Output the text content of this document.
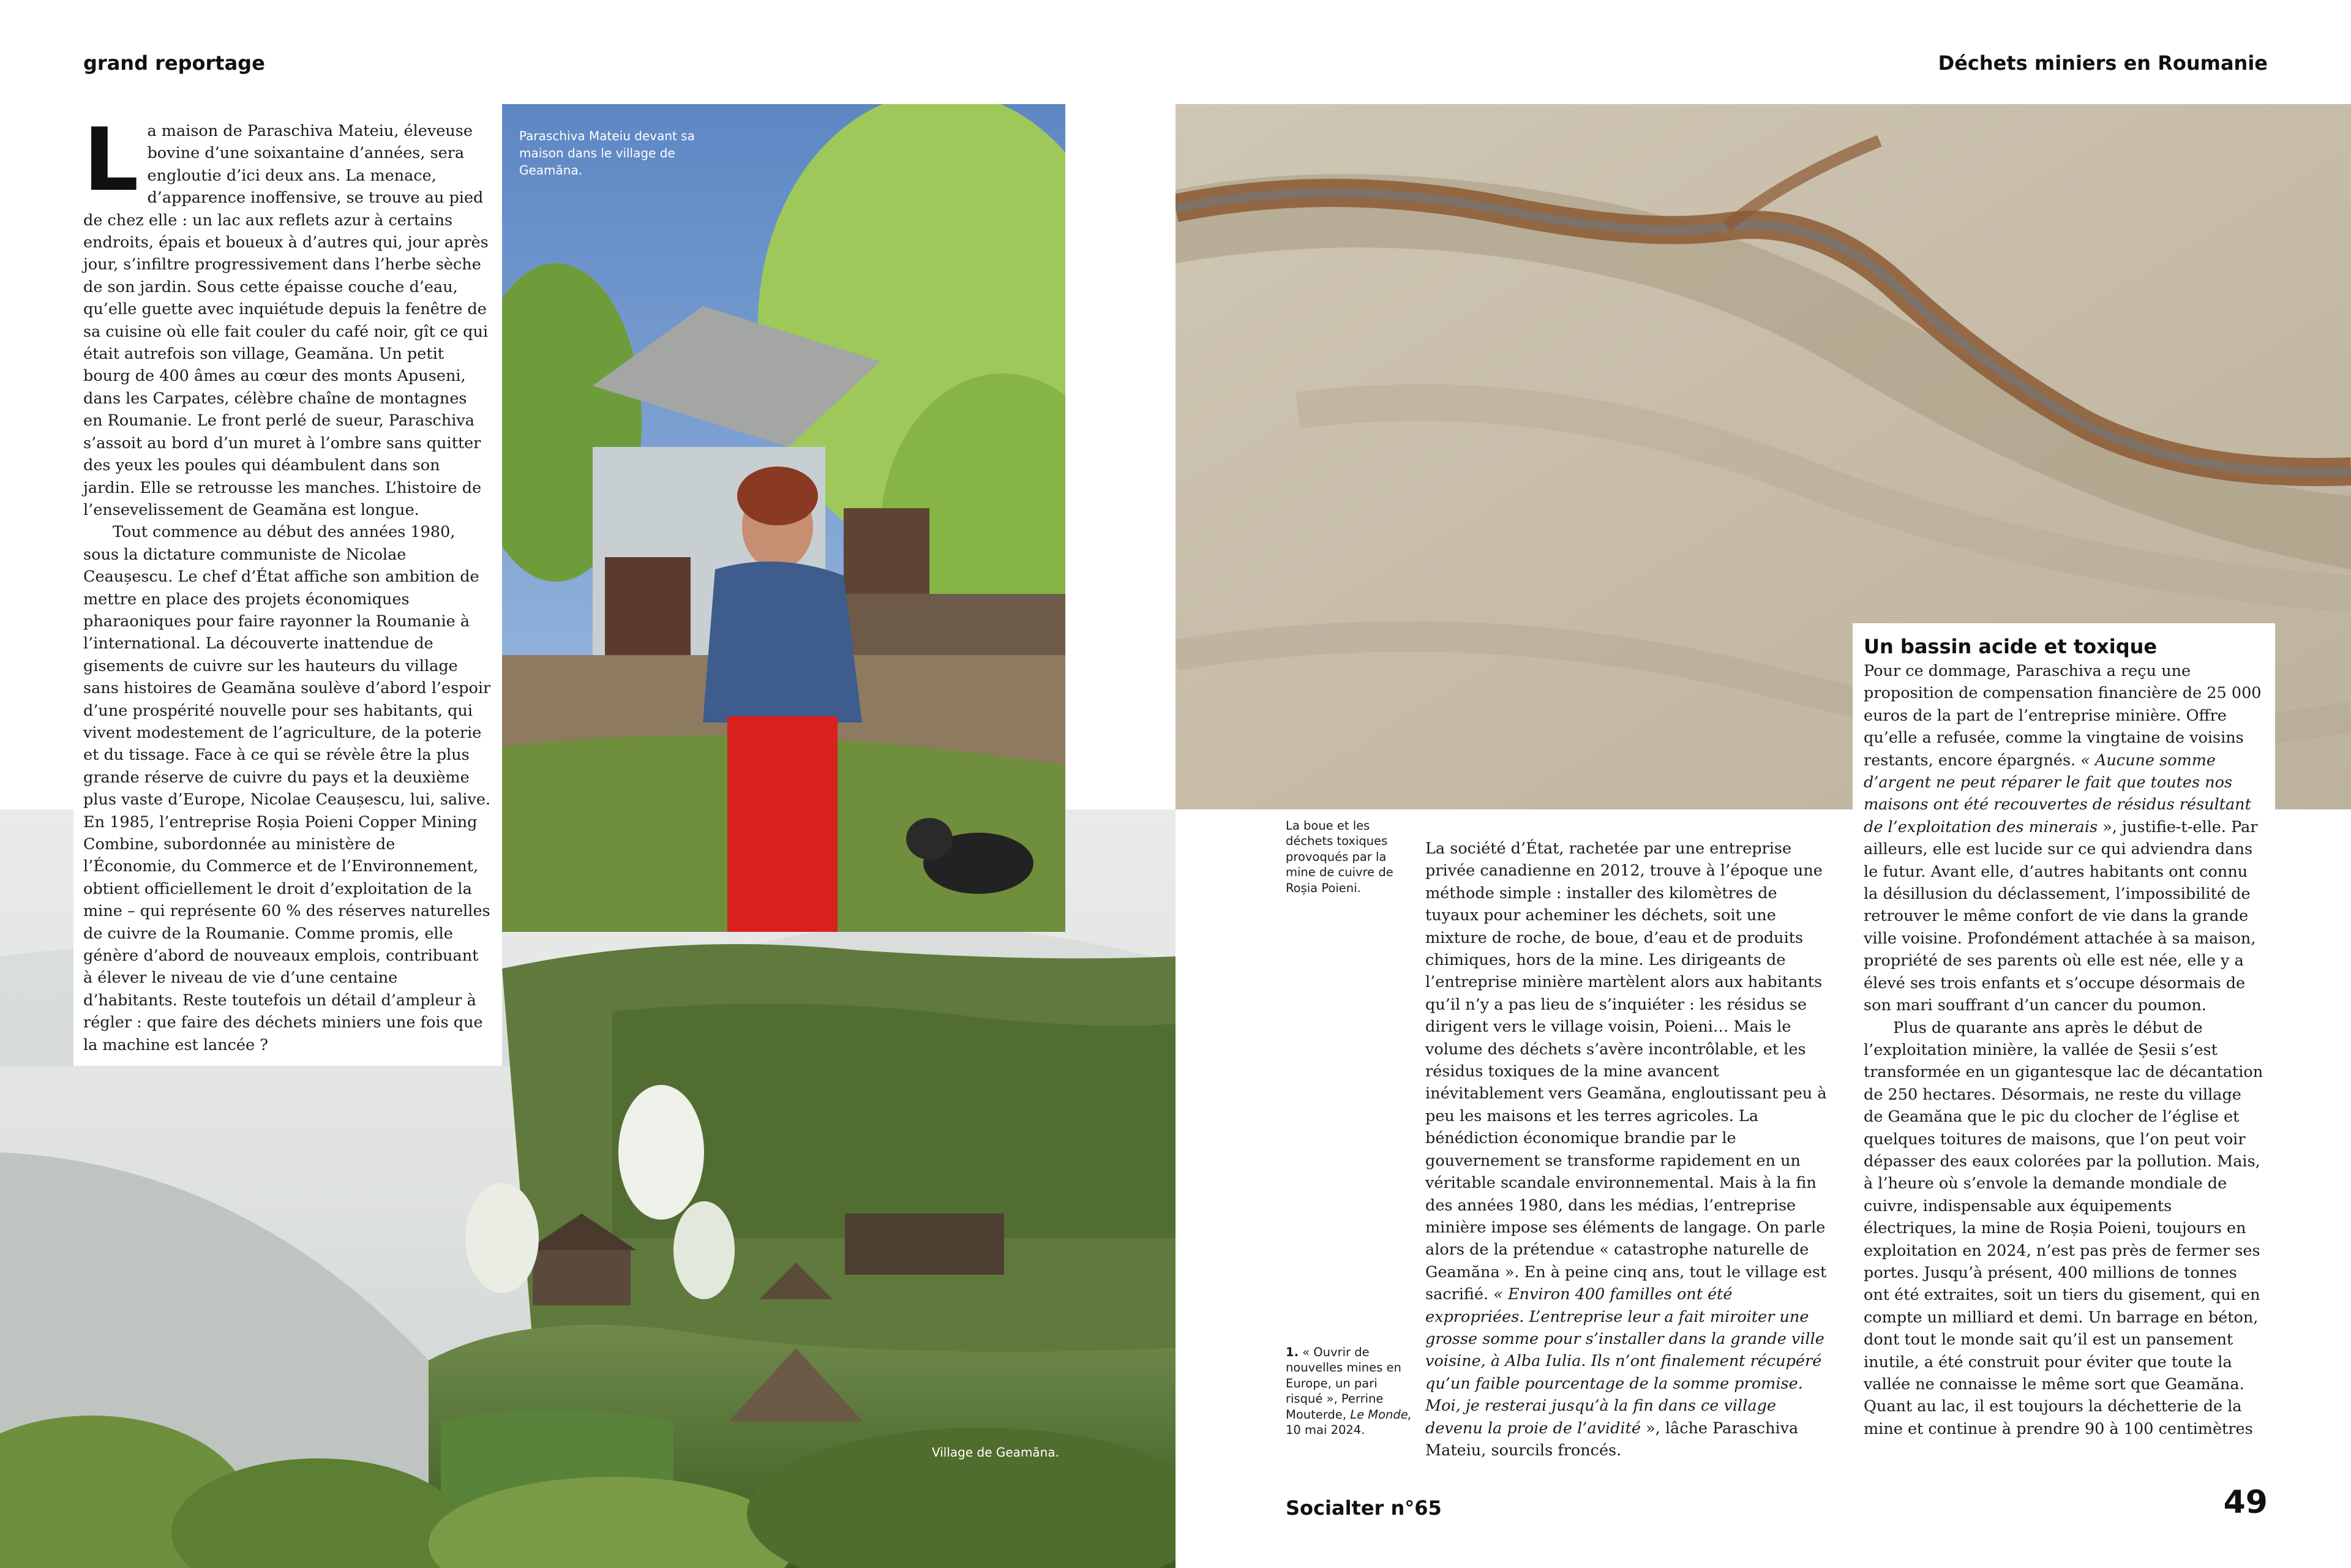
grand reportage	Déchets miniers en Roumanie
Paraschiva Mateiu devant sa maison dans le village de Geamăna.
Village de Geamăna.

La maison de Paraschiva Mateiu, éleveuse bovine d’une soixantaine d’années, sera engloutie d’ici deux ans. La menace, d’apparence inoffensive, se trouve au pied de chez elle : un lac aux reflets azur à certains endroits, épais et boueux à d’autres qui, jour après jour, s’infiltre progressivement dans l’herbe sèche de son jardin. Sous cette épaisse couche d’eau, qu’elle guette avec inquiétude depuis la fenêtre de sa cuisine où elle fait couler du café noir, gît ce qui était autrefois son village, Geamăna. Un petit bourg de 400 âmes au cœur des monts Apuseni, dans les Carpates, célèbre chaîne de montagnes en Roumanie. Le front perlé de sueur, Paraschiva s’assoit au bord d’un muret à l’ombre sans quitter des yeux les poules qui déambulent dans son jardin. Elle se retrousse les manches. L’histoire de l’ensevelissement de Geamăna est longue.

Tout commence au début des années 1980, sous la dictature communiste de Nicolae Ceaușescu. Le chef d’État affiche son ambition de mettre en place des projets économiques pharaoniques pour faire rayonner la Roumanie à l’international. La découverte inattendue de gisements de cuivre sur les hauteurs du village sans histoires de Geamăna soulève d’abord l’espoir d’une prospérité nouvelle pour ses habitants, qui vivent modestement de l’agriculture, de la poterie et du tissage. Face à ce qui se révèle être la plus grande réserve de cuivre du pays et la deuxième plus vaste d’Europe, Nicolae Ceaușescu, lui, salive. En 1985, l’entreprise Roșia Poieni Copper Mining Combine, subordonnée au ministère de l’Économie, du Commerce et de l’Environnement, obtient officiellement le droit d’exploitation de la mine – qui représente 60 % des réserves naturelles de cuivre de la Roumanie. Comme promis, elle génère d’abord de nouveaux emplois, contribuant à élever le niveau de vie d’une centaine d’habitants. Reste toutefois un détail d’ampleur à régler : que faire des déchets miniers une fois que la machine est lancée ?

La boue et les déchets toxiques provoqués par la mine de cuivre de Roșia Poieni.
1. « Ouvrir de nouvelles mines en Europe, un pari risqué », Perrine Mouterde, Le Monde, 10 mai 2024.

La société d’État, rachetée par une entreprise privée canadienne en 2012, trouve à l’époque une méthode simple : installer des kilomètres de tuyaux pour acheminer les déchets, soit une mixture de roche, de boue, d’eau et de produits chimiques, hors de la mine. Les dirigeants de l’entreprise minière martèlent alors aux habitants qu’il n’y a pas lieu de s’inquiéter : les résidus se dirigent vers le village voisin, Poieni… Mais le volume des déchets s’avère incontrôlable, et les résidus toxiques de la mine avancent inévitablement vers Geamăna, engloutissant peu à peu les maisons et les terres agricoles. La bénédiction économique brandie par le gouvernement se transforme rapidement en un véritable scandale environnemental. Mais à la fin des années 1980, dans les médias, l’entreprise minière impose ses éléments de langage. On parle alors de la prétendue « catastrophe naturelle de Geamăna ». En à peine cinq ans, tout le village est sacrifié. « Environ 400 familles ont été expropriées. L’entreprise leur a fait miroiter une grosse somme pour s’installer dans la grande ville voisine, à Alba Iulia. Ils n’ont finalement récupéré qu’un faible pourcentage de la somme promise. Moi, je resterai jusqu’à la fin dans ce village devenu la proie de l’avidité », lâche Paraschiva Mateiu, sourcils froncés.

Un bassin acide et toxique

Pour ce dommage, Paraschiva a reçu une proposition de compensation financière de 25 000 euros de la part de l’entreprise minière. Offre qu’elle a refusée, comme la vingtaine de voisins restants, encore épargnés. « Aucune somme d’argent ne peut réparer le fait que toutes nos maisons ont été recouvertes de résidus résultant de l’exploitation des minerais », justifie-t-elle. Par ailleurs, elle est lucide sur ce qui adviendra dans le futur. Avant elle, d’autres habitants ont connu la désillusion du déclassement, l’impossibilité de retrouver le même confort de vie dans la grande ville voisine. Profondément attachée à sa maison, propriété de ses parents où elle est née, elle y a élevé ses trois enfants et s’occupe désormais de son mari souffrant d’un cancer du poumon.

Plus de quarante ans après le début de l’exploitation minière, la vallée de Șesii s’est transformée en un gigantesque lac de décantation de 250 hectares. Désormais, ne reste du village de Geamăna que le pic du clocher de l’église et quelques toitures de maisons, que l’on peut voir dépasser des eaux colorées par la pollution. Mais, à l’heure où s’envole la demande mondiale de cuivre, indispensable aux équipements électriques, la mine de Roșia Poieni, toujours en exploitation en 2024, n’est pas près de fermer ses portes. Jusqu’à présent, 400 millions de tonnes ont été extraites, soit un tiers du gisement, qui en compte un milliard et demi. Un barrage en béton, dont tout le monde sait qu’il est un pansement inutile, a été construit pour éviter que toute la vallée ne connaisse le même sort que Geamăna. Quant au lac, il est toujours la déchetterie de la mine et continue à prendre 90 à 100 centimètres

Socialter n°65	49
